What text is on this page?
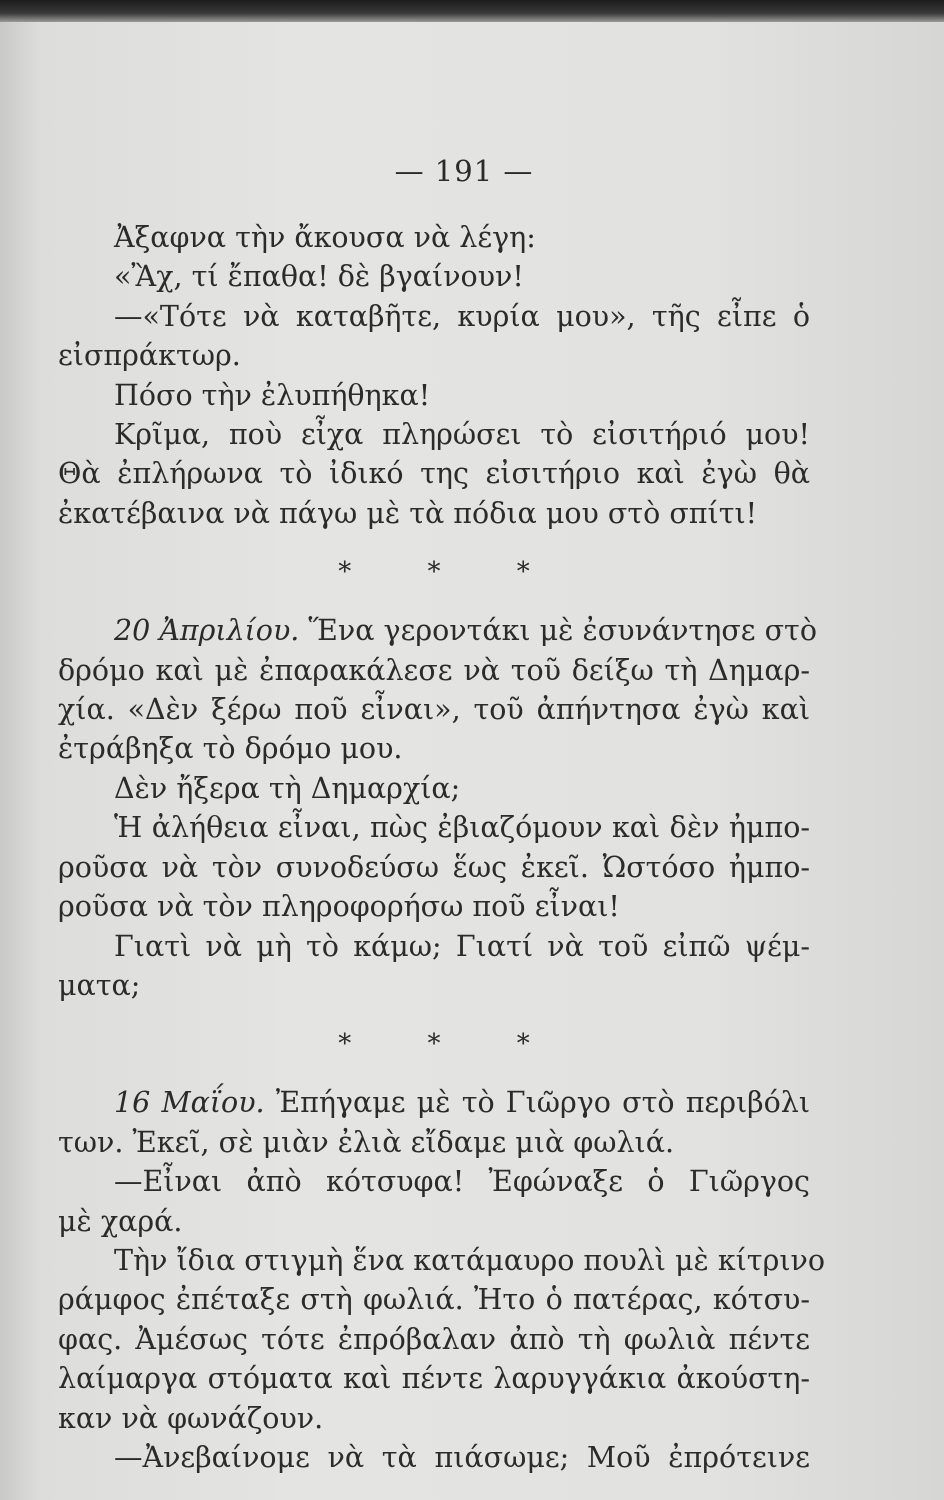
— 191 —
Ἀξαφνα τὴν ἄκουσα νὰ λέγη:
«Ἂχ, τί ἔπαθα! δὲ βγαίνουν!
—«Τότε νὰ καταβῆτε, κυρία μου», τῆς εἶπε ὁ
εἰσπράκτωρ.
Πόσο τὴν ἐλυπήθηκα!
Κρῖμα, ποὺ εἶχα πληρώσει τὸ εἰσιτήριό μου!
Θὰ ἐπλήρωνα τὸ ἰδικό της εἰσιτήριο καὶ ἐγὼ θὰ
ἐκατέβαινα νὰ πάγω μὲ τὰ πόδια μου στὸ σπίτι!
* * *
20 Ἀπριλίου. Ἕνα γεροντάκι μὲ ἐσυνάντησε στὸ
δρόμο καὶ μὲ ἐπαρακάλεσε νὰ τοῦ δείξω τὴ Δημαρ-
χία. «Δὲν ξέρω ποῦ εἶναι», τοῦ ἀπήντησα ἐγὼ καὶ
ἐτράβηξα τὸ δρόμο μου.
Δὲν ἤξερα τὴ Δημαρχία;
Ἡ ἀλήθεια εἶναι, πὼς ἐβιαζόμουν καὶ δὲν ἠμπο-
ροῦσα νὰ τὸν συνοδεύσω ἕως ἐκεῖ. Ὠστόσο ἠμπο-
ροῦσα νὰ τὸν πληροφορήσω ποῦ εἶναι!
Γιατὶ νὰ μὴ τὸ κάμω; Γιατί νὰ τοῦ εἰπῶ ψέμ-
ματα;
* * *
16 Μαΐου. Ἐπήγαμε μὲ τὸ Γιῶργο στὸ περιβόλι
των. Ἐκεῖ, σὲ μιὰν ἐλιὰ εἴδαμε μιὰ φωλιά.
—Εἶναι ἀπὸ κότσυφα! Ἐφώναξε ὁ Γιῶργος
μὲ χαρά.
Τὴν ἴδια στιγμὴ ἕνα κατάμαυρο πουλὶ μὲ κίτρινο
ράμφος ἐπέταξε στὴ φωλιά. Ἠτο ὁ πατέρας, κότσυ-
φας. Ἀμέσως τότε ἐπρόβαλαν ἀπὸ τὴ φωλιὰ πέντε
λαίμαργα στόματα καὶ πέντε λαρυγγάκια ἀκούστη-
καν νὰ φωνάζουν.
—Ἀνεβαίνομε νὰ τὰ πιάσωμε; Μοῦ ἐπρότεινε
